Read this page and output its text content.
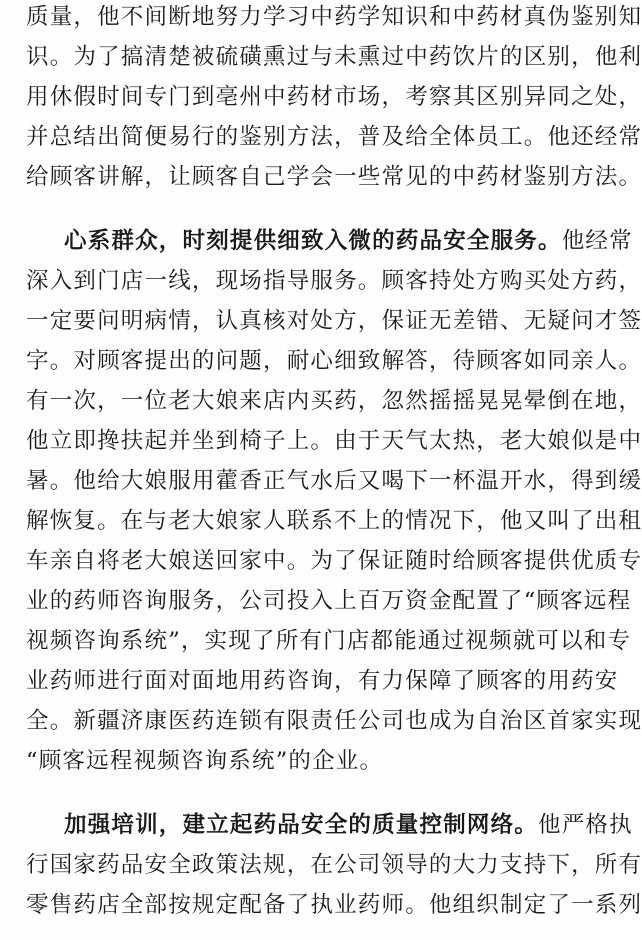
质量，他不间断地努力学习中药学知识和中药材真伪鉴别知
识。为了搞清楚被硫磺熏过与未熏过中药饮片的区别，他利
用休假时间专门到亳州中药材市场，考察其区别异同之处，
并总结出简便易行的鉴别方法，普及给全体员工。他还经常
给顾客讲解，让顾客自己学会一些常见的中药材鉴别方法。
心系群众，时刻提供细致入微的药品安全服务。他经常
深入到门店一线，现场指导服务。顾客持处方购买处方药，
一定要问明病情，认真核对处方，保证无差错、无疑问才签
字。对顾客提出的问题，耐心细致解答，待顾客如同亲人。
有一次，一位老大娘来店内买药，忽然摇摇晃晃晕倒在地，
他立即搀扶起并坐到椅子上。由于天气太热，老大娘似是中
暑。他给大娘服用藿香正气水后又喝下一杯温开水，得到缓
解恢复。在与老大娘家人联系不上的情况下，他又叫了出租
车亲自将老大娘送回家中。为了保证随时给顾客提供优质专
业的药师咨询服务，公司投入上百万资金配置了“顾客远程
视频咨询系统”，实现了所有门店都能通过视频就可以和专
业药师进行面对面地用药咨询，有力保障了顾客的用药安
全。新疆济康医药连锁有限责任公司也成为自治区首家实现
“顾客远程视频咨询系统”的企业。
加强培训，建立起药品安全的质量控制网络。他严格执
行国家药品安全政策法规，在公司领导的大力支持下，所有
零售药店全部按规定配备了执业药师。他组织制定了一系列
